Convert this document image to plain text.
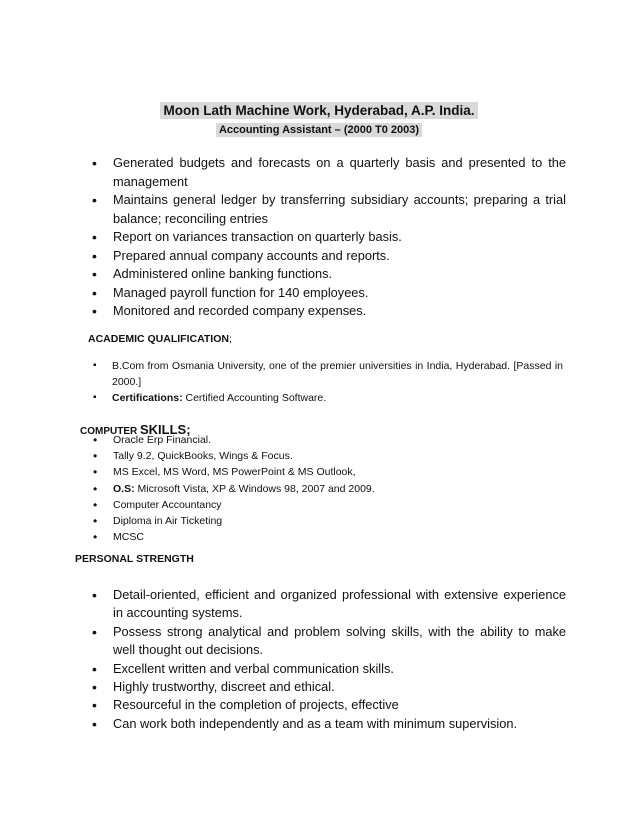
Moon Lath Machine Work, Hyderabad, A.P. India.
Accounting Assistant – (2000 T0 2003)
• Generated budgets and forecasts on a quarterly basis and presented to the management
• Maintains general ledger by transferring subsidiary accounts; preparing a trial balance; reconciling entries
• Report on variances transaction on quarterly basis.
• Prepared annual company accounts and reports.
• Administered online banking functions.
• Managed payroll function for 140 employees.
• Monitored and recorded company expenses.
ACADEMIC QUALIFICATION;
▪ B.Com from Osmania University, one of the premier universities in India, Hyderabad. [Passed in 2000.]
▪ Certifications: Certified Accounting Software.
COMPUTER SKILLS;
• Oracle Erp Financial.
• Tally 9.2, QuickBooks, Wings & Focus.
• MS Excel, MS Word, MS PowerPoint & MS Outlook,
• O.S: Microsoft Vista, XP & Windows 98, 2007 and 2009.
• Computer Accountancy
• Diploma in Air Ticketing
• MCSC
PERSONAL STRENGTH
• Detail-oriented, efficient and organized professional with extensive experience in accounting systems.
• Possess strong analytical and problem solving skills, with the ability to make well thought out decisions.
• Excellent written and verbal communication skills.
• Highly trustworthy, discreet and ethical.
• Resourceful in the completion of projects, effective
• Can work both independently and as a team with minimum supervision.
